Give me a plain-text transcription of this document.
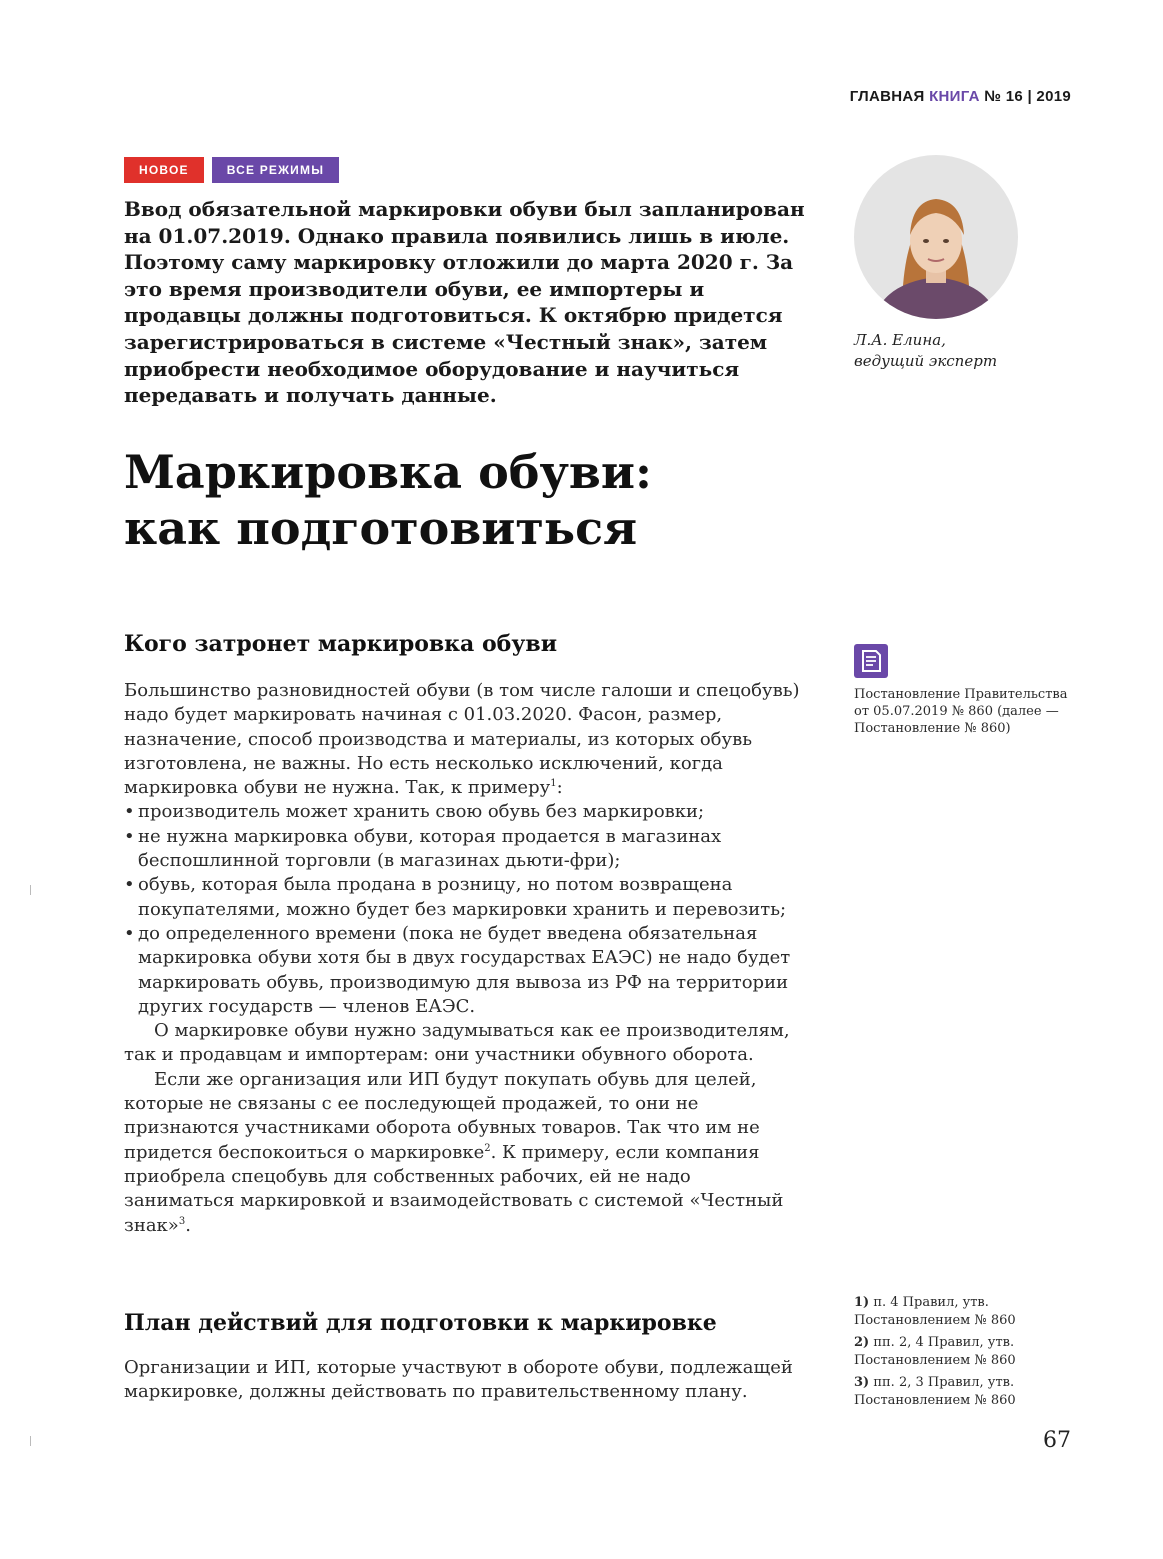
ГЛАВНАЯ КНИГА № 16 | 2019
НОВОЕ	ВСЕ РЕЖИМЫ

Ввод обязательной маркировки обуви был запланирован на 01.07.2019. Однако правила появились лишь в июле. Поэтому саму маркировку отложили до марта 2020 г. За это время производители обуви, ее импортеры и продавцы должны подготовиться. К октябрю придется зарегистрироваться в системе «Честный знак», затем приобрести необходимое оборудование и научиться передавать и получать данные.

Л.А. Елина,
ведущий эксперт
Маркировка обуви:
как подготовиться
Кого затронет маркировка обуви

Большинство разновидностей обуви (в том числе галоши и спецобувь) надо будет маркировать начиная с 01.03.2020. Фасон, размер, назначение, способ производства и материалы, из которых обувь изготовлена, не важны. Но есть несколько исключений, когда маркировка обуви не нужна. Так, к примеру$^1$:

• производитель может хранить свою обувь без маркировки;
• не нужна маркировка обуви, которая продается в магазинах беспошлинной торговли (в магазинах дьюти-фри);
• обувь, которая была продана в розницу, но потом возвращена покупателями, можно будет без маркировки хранить и перевозить;
• до определенного времени (пока не будет введена обязательная маркировка обуви хотя бы в двух государствах ЕАЭС) не надо будет маркировать обувь, производимую для вывоза из РФ на территории других государств — членов ЕАЭС.

О маркировке обуви нужно задумываться как ее производителям, так и продавцам и импортерам: они участники обувного оборота.

Если же организация или ИП будут покупать обувь для целей, которые не связаны с ее последующей продажей, то они не признаются участниками оборота обувных товаров. Так что им не придется беспокоиться о маркировке$^2$. К примеру, если компания приобрела спецобувь для собственных рабочих, ей не надо заниматься маркировкой и взаимодействовать с системой «Честный знак»$^3$.

План действий для подготовки к маркировке

Организации и ИП, которые участвуют в обороте обуви, подлежащей маркировке, должны действовать по правительственному плану.

Постановление Правительства от 05.07.2019 № 860 (далее — Постановление № 860)
1) п. 4 Правил, утв. Постановлением № 860
2) пп. 2, 4 Правил, утв. Постановлением № 860
3) пп. 2, 3 Правил, утв. Постановлением № 860
67
